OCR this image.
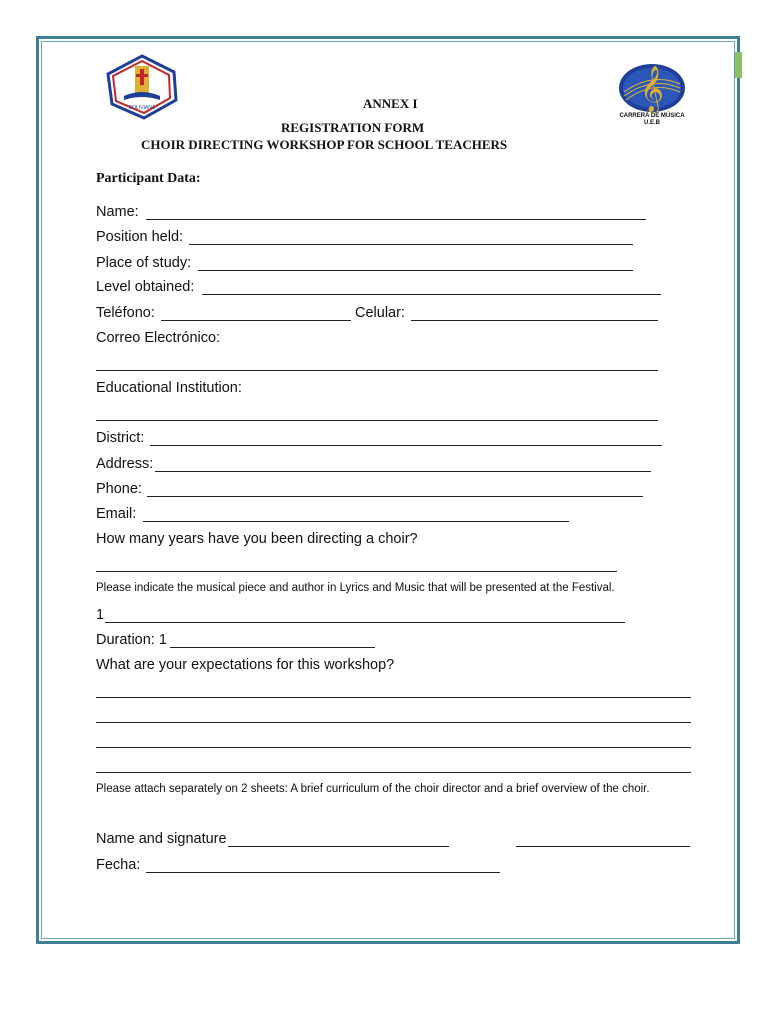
BOLIVIANA	𝄞
CARRERA DE MÚSICA
U.E.B
ANNEX I
REGISTRATION FORM
CHOIR DIRECTING WORKSHOP FOR SCHOOL TEACHERS
Participant Data:
Name:
Position held:
Place of study:
Level obtained:
Teléfono:	Celular:
Correo Electrónico:
Educational Institution:
District:
Address:
Phone:
Email:
How many years have you been directing a choir?
Please indicate the musical piece and author in Lyrics and Music that will be presented at the Festival.
1
Duration: 1
What are your expectations for this workshop?
Please attach separately on 2 sheets: A brief curriculum of the choir director and a brief overview of the choir.
Name and signature
Fecha:
